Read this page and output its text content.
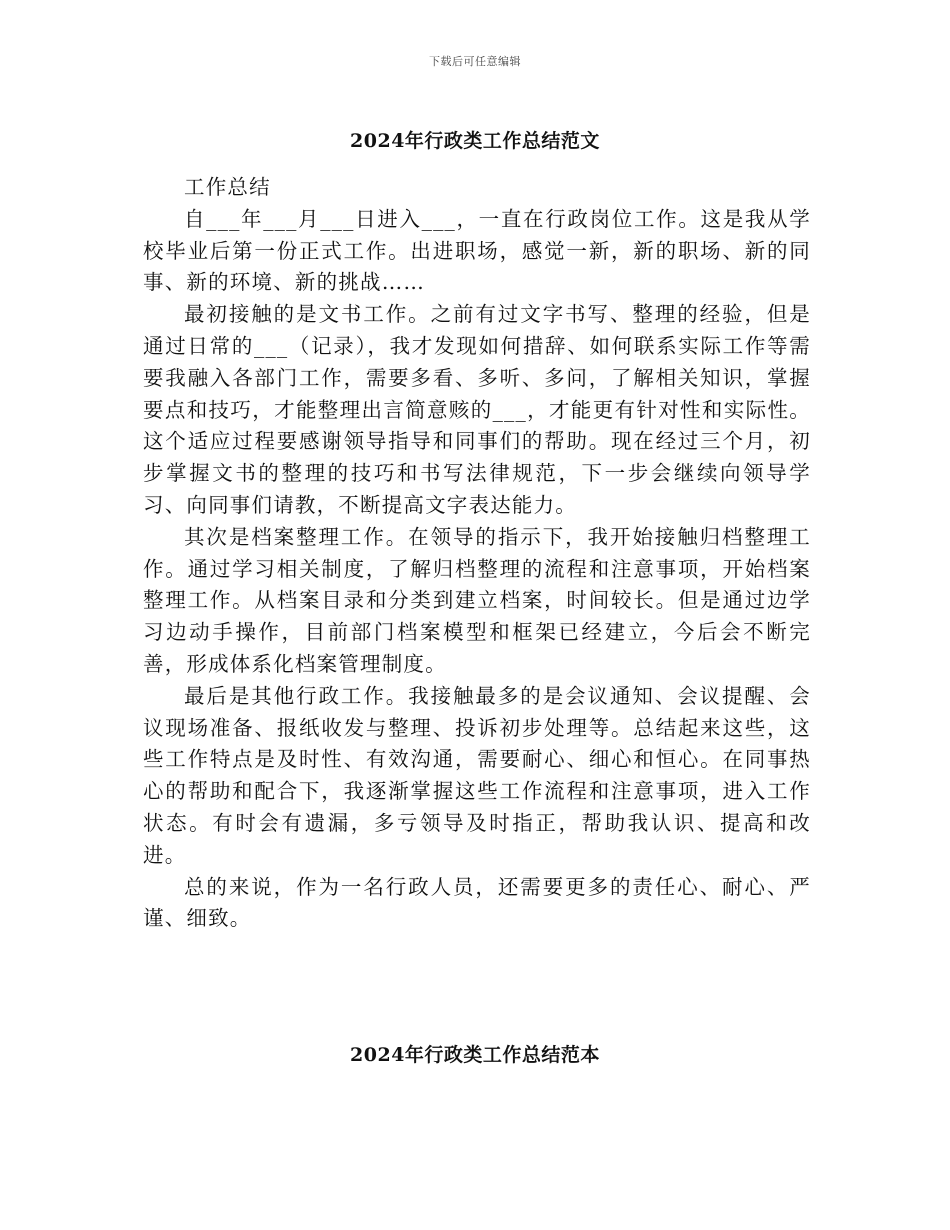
下载后可任意编辑
2024年行政类工作总结范文

工作总结

自___年___月___日进入___，一直在行政岗位工作。这是我从学校毕业后第一份正式工作。出进职场，感觉一新，新的职场、新的同事、新的环境、新的挑战……

最初接触的是文书工作。之前有过文字书写、整理的经验，但是通过日常的___（记录），我才发现如何措辞、如何联系实际工作等需要我融入各部门工作，需要多看、多听、多问，了解相关知识，掌握要点和技巧，才能整理出言简意赅的___，才能更有针对性和实际性。这个适应过程要感谢领导指导和同事们的帮助。现在经过三个月，初步掌握文书的整理的技巧和书写法律规范，下一步会继续向领导学习、向同事们请教，不断提高文字表达能力。

其次是档案整理工作。在领导的指示下，我开始接触归档整理工作。通过学习相关制度，了解归档整理的流程和注意事项，开始档案整理工作。从档案目录和分类到建立档案，时间较长。但是通过边学习边动手操作，目前部门档案模型和框架已经建立，今后会不断完善，形成体系化档案管理制度。

最后是其他行政工作。我接触最多的是会议通知、会议提醒、会议现场准备、报纸收发与整理、投诉初步处理等。总结起来这些，这些工作特点是及时性、有效沟通，需要耐心、细心和恒心。在同事热心的帮助和配合下，我逐渐掌握这些工作流程和注意事项，进入工作状态。有时会有遗漏，多亏领导及时指正，帮助我认识、提高和改进。

总的来说，作为一名行政人员，还需要更多的责任心、耐心、严谨、细致。

2024年行政类工作总结范本
